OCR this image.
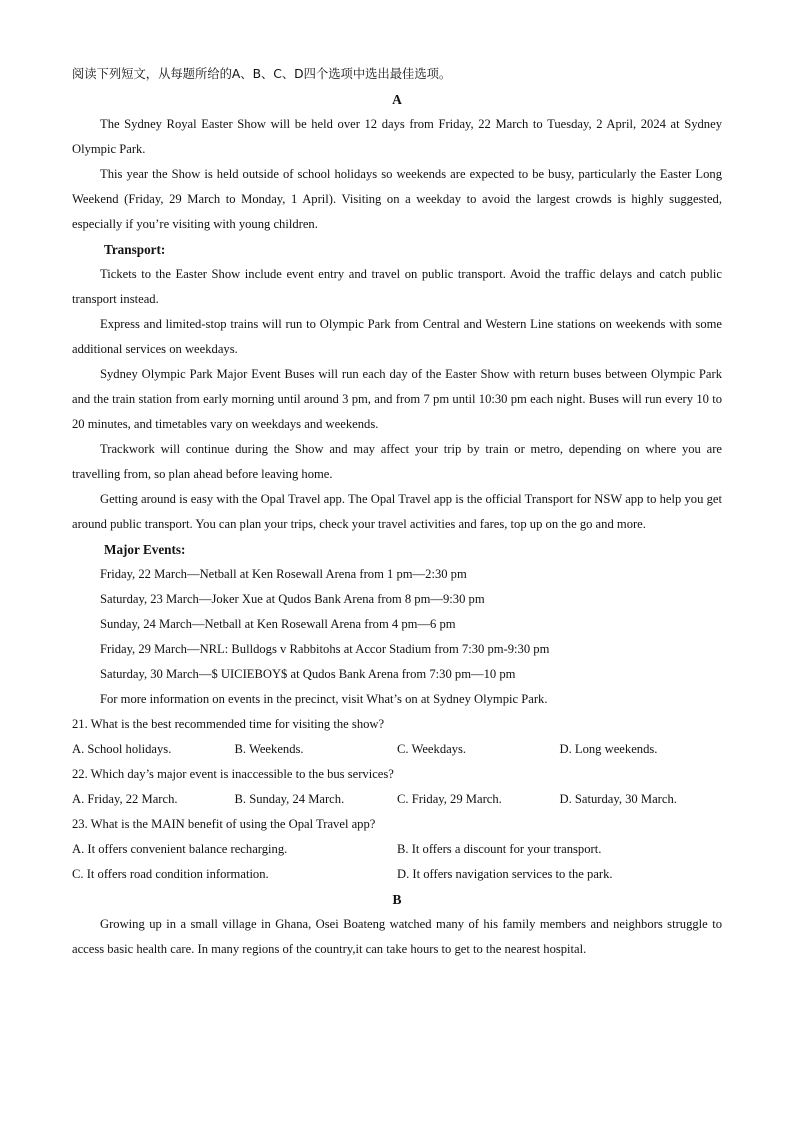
阅读下列短文，从每题所给的A、B、C、D四个选项中选出最佳选项。
A
The Sydney Royal Easter Show will be held over 12 days from Friday, 22 March to Tuesday, 2 April, 2024 at Sydney Olympic Park.
This year the Show is held outside of school holidays so weekends are expected to be busy, particularly the Easter Long Weekend (Friday, 29 March to Monday, 1 April). Visiting on a weekday to avoid the largest crowds is highly suggested, especially if you’re visiting with young children.
Transport:
Tickets to the Easter Show include event entry and travel on public transport. Avoid the traffic delays and catch public transport instead.
Express and limited-stop trains will run to Olympic Park from Central and Western Line stations on weekends with some additional services on weekdays.
Sydney Olympic Park Major Event Buses will run each day of the Easter Show with return buses between Olympic Park and the train station from early morning until around 3 pm, and from 7 pm until 10:30 pm each night. Buses will run every 10 to 20 minutes, and timetables vary on weekdays and weekends.
Trackwork will continue during the Show and may affect your trip by train or metro, depending on where you are travelling from, so plan ahead before leaving home.
Getting around is easy with the Opal Travel app. The Opal Travel app is the official Transport for NSW app to help you get around public transport. You can plan your trips, check your travel activities and fares, top up on the go and more.
Major Events:
Friday, 22 March—Netball at Ken Rosewall Arena from 1 pm—2:30 pm
Saturday, 23 March—Joker Xue at Qudos Bank Arena from 8 pm—9:30 pm
Sunday, 24 March—Netball at Ken Rosewall Arena from 4 pm—6 pm
Friday, 29 March—NRL: Bulldogs v Rabbitohs at Accor Stadium from 7:30 pm-9:30 pm
Saturday, 30 March—$ UICIEBOY$ at Qudos Bank Arena from 7:30 pm—10 pm
For more information on events in the precinct, visit What’s on at Sydney Olympic Park.
21. What is the best recommended time for visiting the show?
A. School holidays.	B. Weekends.	C. Weekdays.	D. Long weekends.
22. Which day’s major event is inaccessible to the bus services?
A. Friday, 22 March.	B. Sunday, 24 March.	C. Friday, 29 March.	D. Saturday, 30 March.
23. What is the MAIN benefit of using the Opal Travel app?
A. It offers convenient balance recharging.	B. It offers a discount for your transport.
C. It offers road condition information.	D. It offers navigation services to the park.
B
Growing up in a small village in Ghana, Osei Boateng watched many of his family members and neighbors struggle to access basic health care. In many regions of the country,it can take hours to get to the nearest hospital.
